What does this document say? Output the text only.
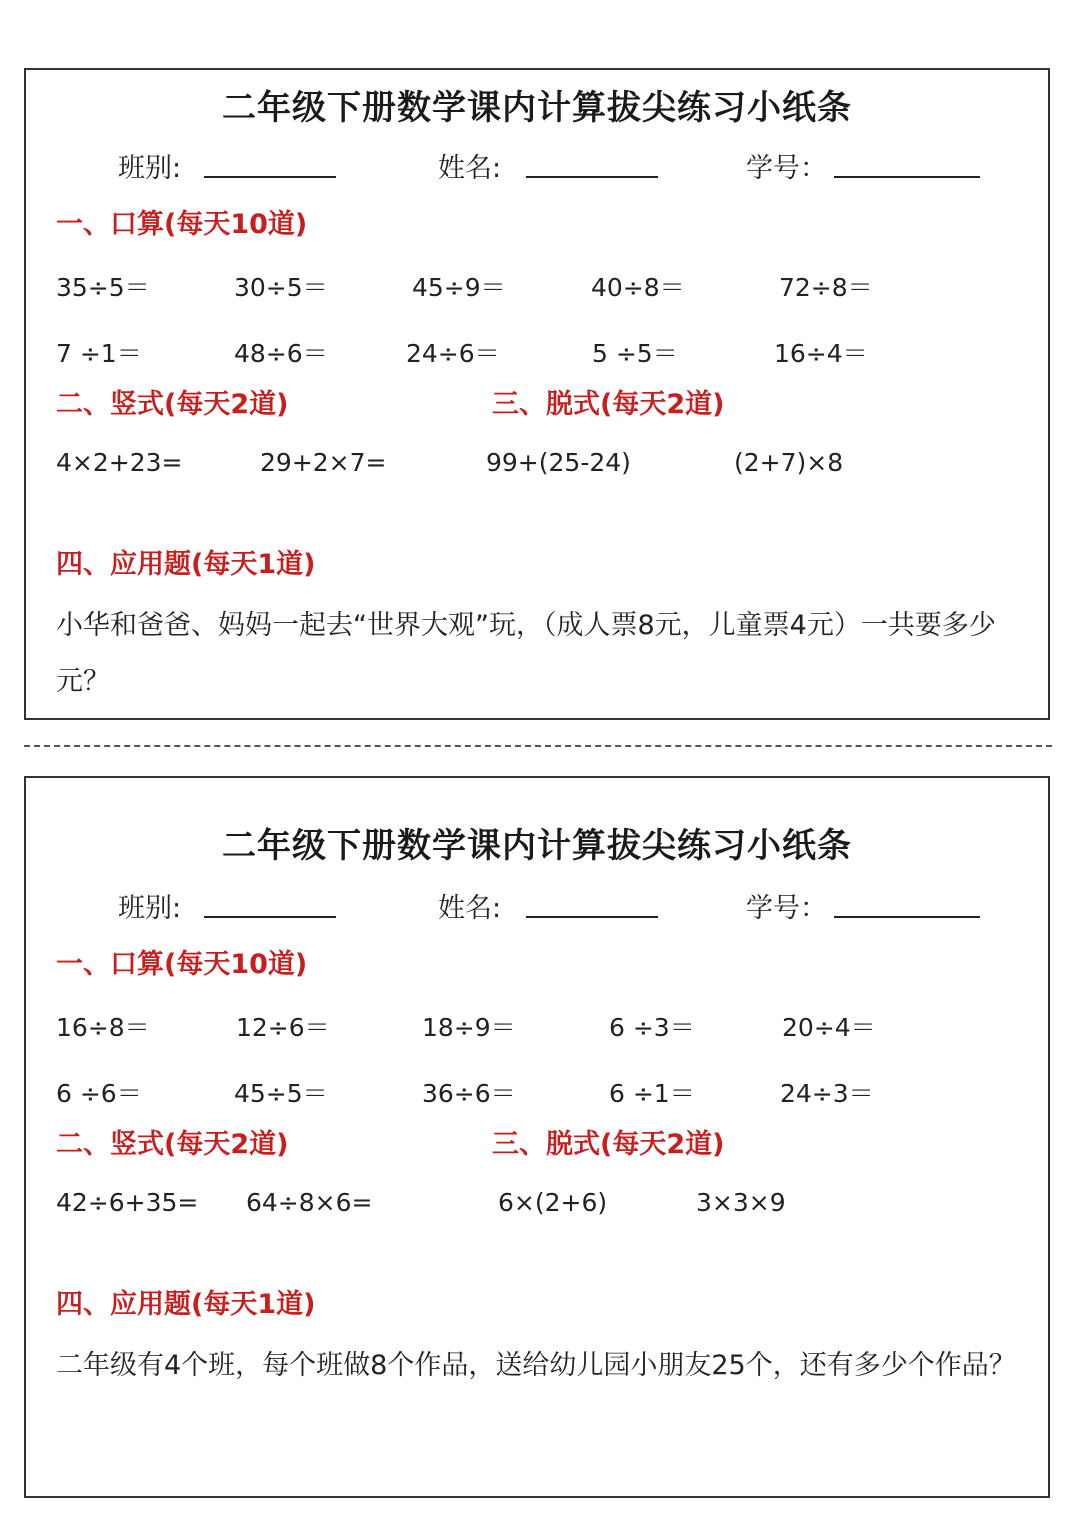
二年级下册数学课内计算拔尖练习小纸条
班别:	姓名:	学号：
一、口算(每天10道)
35÷5＝	30÷5＝	45÷9＝	40÷8＝	72÷8＝
7 ÷1＝	48÷6＝	24÷6＝	5 ÷5＝	16÷4＝
二、竖式(每天2道)	三、脱式(每天2道)
4×2+23=	29+2×7=	99+(25-24)	(2+7)×8
四、应用题(每天1道)
小华和爸爸、妈妈一起去“世界大观”玩，（成人票8元，儿童票4元）一共要多少元？
二年级下册数学课内计算拔尖练习小纸条
班别:	姓名:	学号：
一、口算(每天10道)
16÷8＝	12÷6＝	18÷9＝	6 ÷3＝	20÷4＝
6 ÷6＝	45÷5＝	36÷6＝	6 ÷1＝	24÷3＝
二、竖式(每天2道)	三、脱式(每天2道)
42÷6+35= 64÷8×6=	6×(2+6)	3×3×9
四、应用题(每天1道)
二年级有4个班，每个班做8个作品，送给幼儿园小朋友25个，还有多少个作品？
